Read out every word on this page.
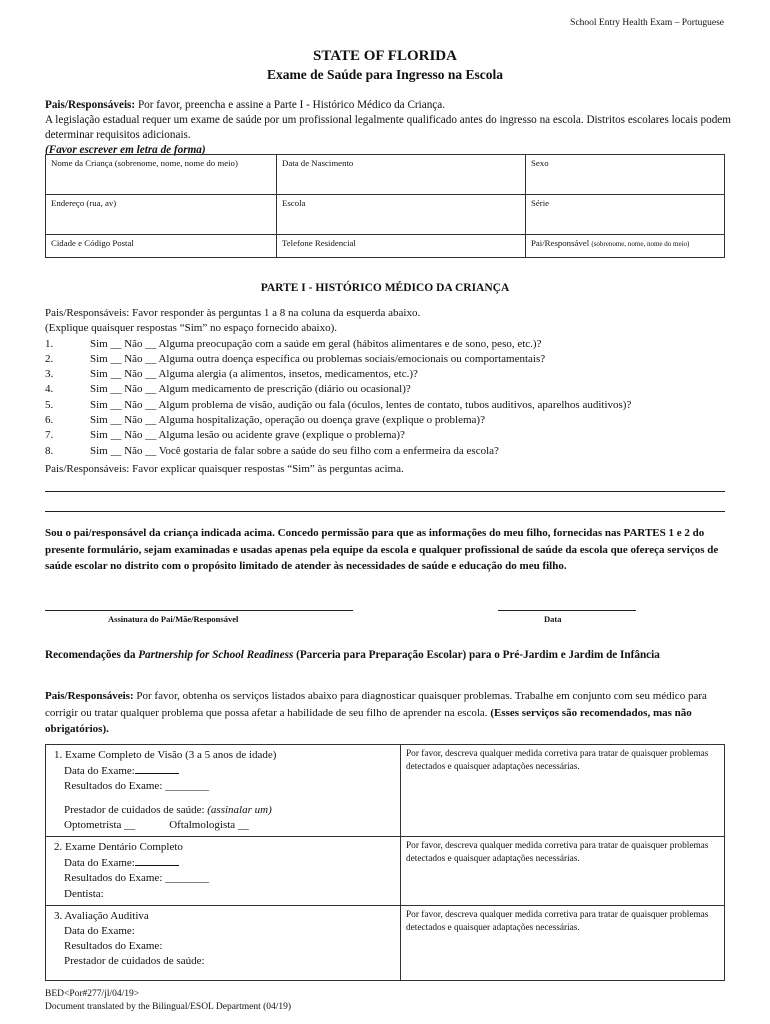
School Entry Health Exam – Portuguese
STATE OF FLORIDA
Exame de Saúde para Ingresso na Escola
Pais/Responsáveis: Por favor, preencha e assine a Parte I - Histórico Médico da Criança.
A legislação estadual requer um exame de saúde por um profissional legalmente qualificado antes do ingresso na escola. Distritos escolares locais podem determinar requisitos adicionais.
(Favor escrever em letra de forma)
Nome da Criança (sobrenome, nome, nome do meio)	Data de Nascimento	Sexo
Endereço (rua, av)	Escola	Série
Cidade e Código Postal	Telefone Residencial	Pai/Responsável (sobrenome, nome, nome do meio)
PARTE I - HISTÓRICO MÉDICO DA CRIANÇA
Pais/Responsáveis: Favor responder às perguntas 1 a 8 na coluna da esquerda abaixo.
(Explique quaisquer respostas “Sim” no espaço fornecido abaixo).
1.	Sim __ Não __ Alguma preocupação com a saúde em geral (hábitos alimentares e de sono, peso, etc.)?
2.	Sim __ Não __ Alguma outra doença específica ou problemas sociais/emocionais ou comportamentais?
3.	Sim __ Não __ Alguma alergia (a alimentos, insetos, medicamentos, etc.)?
4.	Sim __ Não __ Algum medicamento de prescrição (diário ou ocasional)?
5.	Sim __ Não __ Algum problema de visão, audição ou fala (óculos, lentes de contato, tubos auditivos, aparelhos auditivos)?
6.	Sim __ Não __ Alguma hospitalização, operação ou doença grave (explique o problema)?
7.	Sim __ Não __ Alguma lesão ou acidente grave (explique o problema)?
8.	Sim __ Não __ Você gostaria de falar sobre a saúde do seu filho com a enfermeira da escola?
Pais/Responsáveis: Favor explicar quaisquer respostas “Sim” às perguntas acima.
Sou o pai/responsável da criança indicada acima. Concedo permissão para que as informações do meu filho, fornecidas nas PARTES 1 e 2 do presente formulário, sejam examinadas e usadas apenas pela equipe da escola e qualquer profissional de saúde da escola que ofereça serviços de saúde escolar no distrito com o propósito limitado de atender às necessidades de saúde e educação do meu filho.
Assinatura do Pai/Mãe/Responsável	Data
Recomendações da Partnership for School Readiness (Parceria para Preparação Escolar) para o Pré-Jardim e Jardim de Infância
Pais/Responsáveis: Por favor, obtenha os serviços listados abaixo para diagnosticar quaisquer problemas. Trabalhe em conjunto com seu médico para corrigir ou tratar qualquer problema que possa afetar a habilidade de seu filho de aprender na escola. (Esses serviços são recomendados, mas não obrigatórios).
1. Exame Completo de Visão (3 a 5 anos de idade)
Data do Exame:
Resultados do Exame: ________
Prestador de cuidados de saúde: (assinalar um)
Optometrista __ Oftalmologista __	Por favor, descreva qualquer medida corretiva para tratar de quaisquer problemas detectados e quaisquer adaptações necessárias.

2. Exame Dentário Completo
Data do Exame:
Resultados do Exame: ________
Dentista:	Por favor, descreva qualquer medida corretiva para tratar de quaisquer problemas detectados e quaisquer adaptações necessárias.

3. Avaliação Auditiva
Data do Exame:
Resultados do Exame:
Prestador de cuidados de saúde:	Por favor, descreva qualquer medida corretiva para tratar de quaisquer problemas detectados e quaisquer adaptações necessárias.
BED<Por#277/jl/04/19>
Document translated by the Bilingual/ESOL Department (04/19)
